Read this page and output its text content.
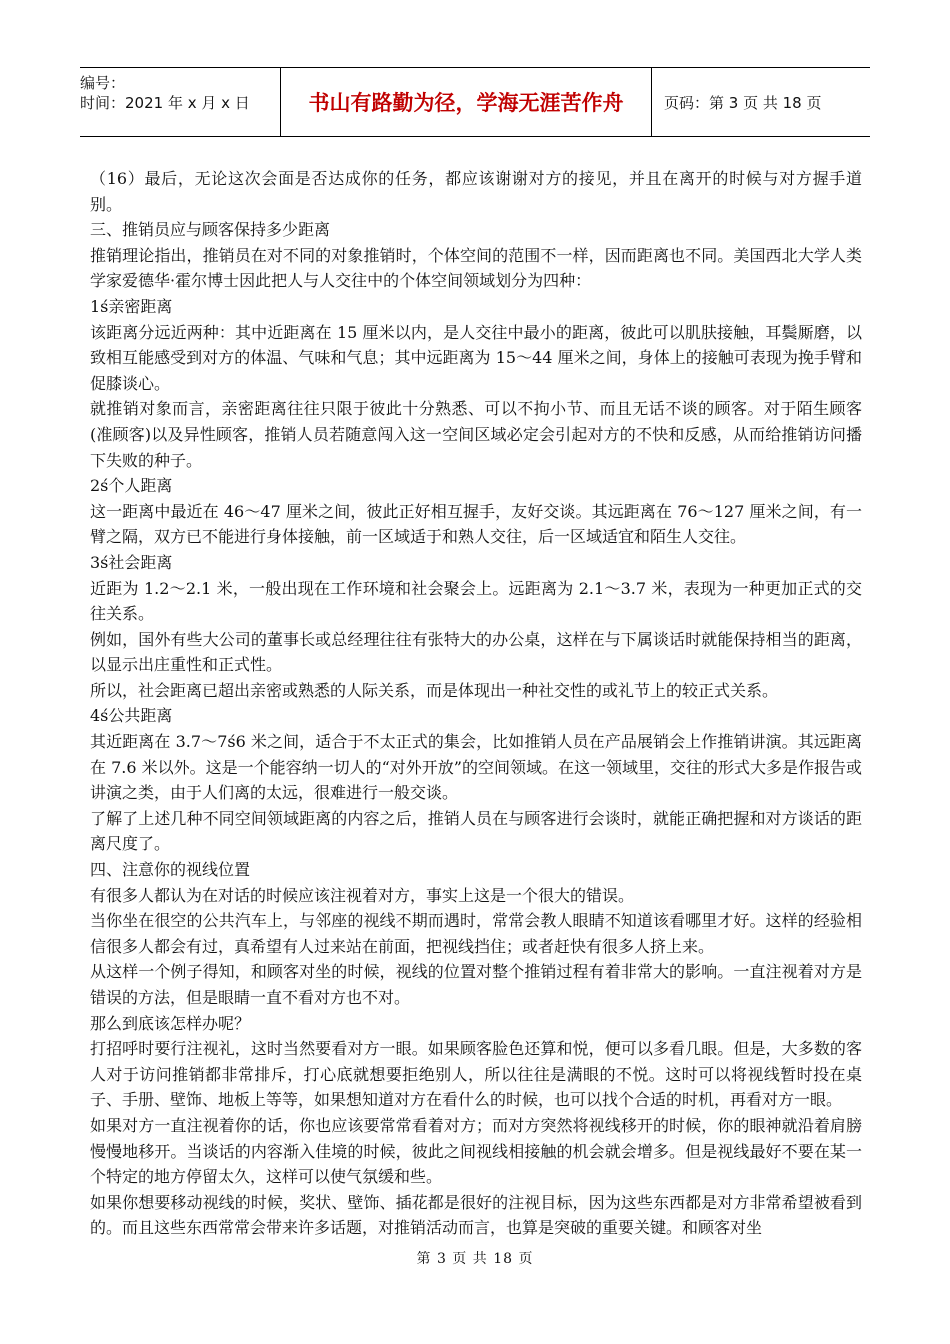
编号：
时间：2021 年 x 月 x 日	书山有路勤为径，学海无涯苦作舟	页码：第 3 页 共 18 页

（16）最后，无论这次会面是否达成你的任务，都应该谢谢对方的接见，并且在离开的时候与对方握手道别。

三、推销员应与顾客保持多少距离

推销理论指出，推销员在对不同的对象推销时，个体空间的范围不一样，因而距离也不同。美国西北大学人类学家爱德华·霍尔博士因此把人与人交往中的个体空间领域划分为四种：

1ś亲密距离

该距离分远近两种：其中近距离在 15 厘米以内，是人交往中最小的距离，彼此可以肌肤接触，耳鬓厮磨，以致相互能感受到对方的体温、气味和气息；其中远距离为 15～44 厘米之间，身体上的接触可表现为挽手臂和促膝谈心。

就推销对象而言，亲密距离往往只限于彼此十分熟悉、可以不拘小节、而且无话不谈的顾客。对于陌生顾客(准顾客)以及异性顾客，推销人员若随意闯入这一空间区域必定会引起对方的不快和反感，从而给推销访问播下失败的种子。

2ś个人距离

这一距离中最近在 46～47 厘米之间，彼此正好相互握手，友好交谈。其远距离在 76～127 厘米之间，有一臂之隔，双方已不能进行身体接触，前一区域适于和熟人交往，后一区域适宜和陌生人交往。

3ś社会距离

近距为 1.2～2.1 米，一般出现在工作环境和社会聚会上。远距离为 2.1～3.7 米，表现为一种更加正式的交往关系。

例如，国外有些大公司的董事长或总经理往往有张特大的办公桌，这样在与下属谈话时就能保持相当的距离，以显示出庄重性和正式性。

所以，社会距离已超出亲密或熟悉的人际关系，而是体现出一种社交性的或礼节上的较正式关系。

4ś公共距离

其近距离在 3.7～7ś6 米之间，适合于不太正式的集会，比如推销人员在产品展销会上作推销讲演。其远距离在 7.6 米以外。这是一个能容纳一切人的“对外开放”的空间领域。在这一领域里，交往的形式大多是作报告或讲演之类，由于人们离的太远，很难进行一般交谈。

了解了上述几种不同空间领域距离的内容之后，推销人员在与顾客进行会谈时，就能正确把握和对方谈话的距离尺度了。

四、注意你的视线位置

有很多人都认为在对话的时候应该注视着对方，事实上这是一个很大的错误。

当你坐在很空的公共汽车上，与邻座的视线不期而遇时，常常会教人眼睛不知道该看哪里才好。这样的经验相信很多人都会有过，真希望有人过来站在前面，把视线挡住；或者赶快有很多人挤上来。

从这样一个例子得知，和顾客对坐的时候，视线的位置对整个推销过程有着非常大的影响。一直注视着对方是错误的方法，但是眼睛一直不看对方也不对。

那么到底该怎样办呢？

打招呼时要行注视礼，这时当然要看对方一眼。如果顾客脸色还算和悦，便可以多看几眼。但是，大多数的客人对于访问推销都非常排斥，打心底就想要拒绝别人，所以往往是满眼的不悦。这时可以将视线暂时投在桌子、手册、壁饰、地板上等等，如果想知道对方在看什么的时候，也可以找个合适的时机，再看对方一眼。

如果对方一直注视着你的话，你也应该要常常看着对方；而对方突然将视线移开的时候，你的眼神就沿着肩膀慢慢地移开。当谈话的内容渐入佳境的时候，彼此之间视线相接触的机会就会增多。但是视线最好不要在某一个特定的地方停留太久，这样可以使气氛缓和些。

如果你想要移动视线的时候，奖状、壁饰、插花都是很好的注视目标，因为这些东西都是对方非常希望被看到的。而且这些东西常常会带来许多话题，对推销活动而言，也算是突破的重要关键。和顾客对坐

第 3 页 共 18 页
